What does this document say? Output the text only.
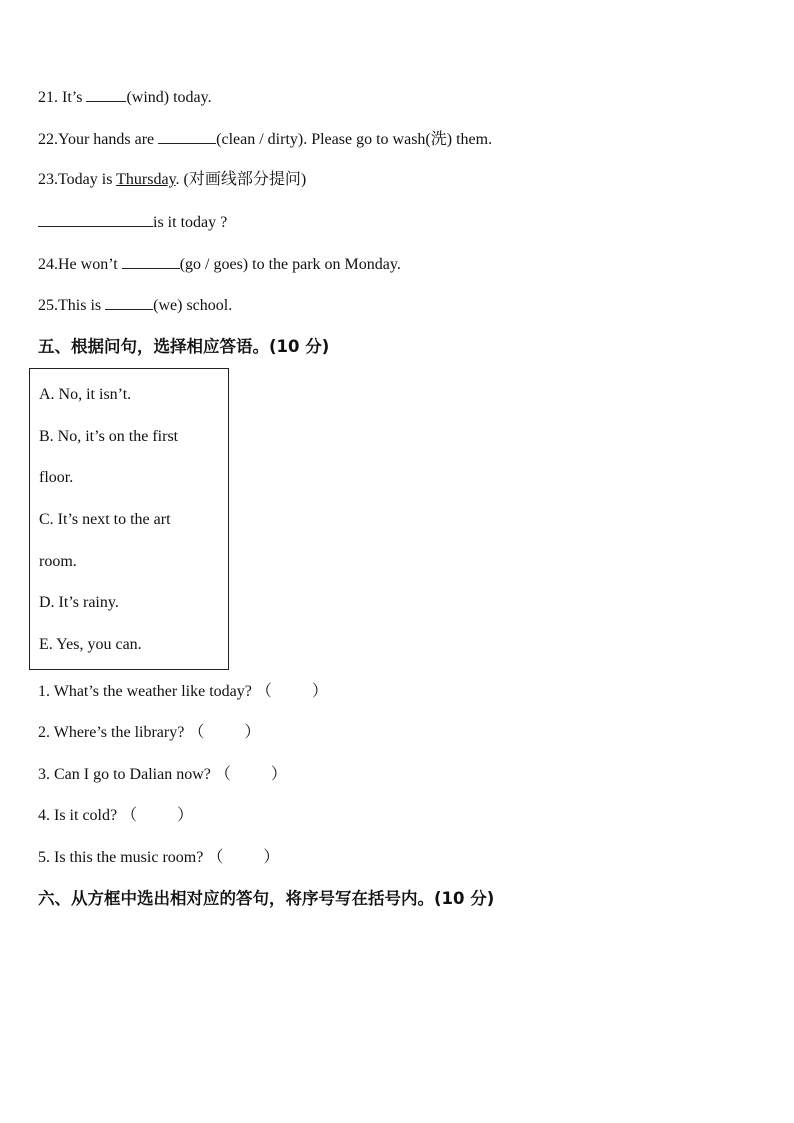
21. It’s	(wind) today.
22.Your hands are	(clean / dirty). Please go to wash(洗) them.
23.Today is Thursday. (对画线部分提问)
is it today ?
24.He won’t	(go / goes) to the park on Monday.
25.This is	(we) school.
五、根据问句，选择相应答语。(10 分)
A. No, it isn’t.
B. No, it’s on the first
floor.
C. It’s next to the art
room.
D. It’s rainy.
E. Yes, you can.
1. What’s the weather like today? （	）
2. Where’s the library? （	）
3. Can I go to Dalian now? （	）
4. Is it cold? （	）
5. Is this the music room? （	）
六、从方框中选出相对应的答句，将序号写在括号内。(10 分)
